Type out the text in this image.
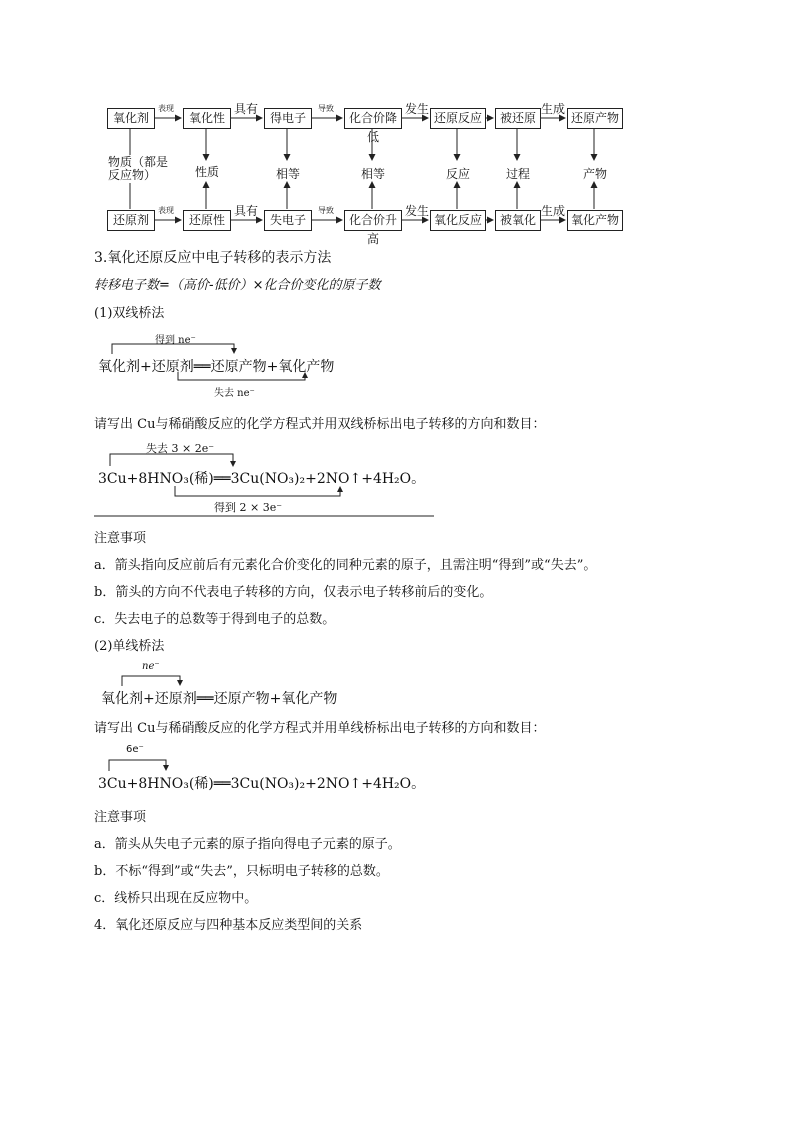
氧化剂	氧化性	得电子	化合价降低
还原反应	被还原	还原产物
还原剂	还原性	失电子	化合价升高
氧化反应	被氧化	氧化产物
表现	具有	导致	发生	生成
表现	具有	导致	发生	生成
物质（都是
反应物）	性质	相等	相等	反应	过程	产物
3.氧化还原反应中电子转移的表示方法
转移电子数=（高价-低价）×化合价变化的原子数
(1)双线桥法
得到 ne⁻
氧化剂+还原剂══还原产物+氧化产物
失去 ne⁻
请写出 Cu与稀硝酸反应的化学方程式并用双线桥标出电子转移的方向和数目：
失去 3 × 2e⁻
3Cu+8HNO₃(稀)══3Cu(NO₃)₂+2NO↑+4H₂O。
得到 2 × 3e⁻
注意事项
a．箭头指向反应前后有元素化合价变化的同种元素的原子，且需注明“得到”或“失去”。
b．箭头的方向不代表电子转移的方向，仅表示电子转移前后的变化。
c．失去电子的总数等于得到电子的总数。
(2)单线桥法
ne⁻
氧化剂+还原剂══还原产物+氧化产物
请写出 Cu与稀硝酸反应的化学方程式并用单线桥标出电子转移的方向和数目：
6e⁻
3Cu+8HNO₃(稀)══3Cu(NO₃)₂+2NO↑+4H₂O。
注意事项
a．箭头从失电子元素的原子指向得电子元素的原子。
b．不标“得到”或“失去”，只标明电子转移的总数。
c．线桥只出现在反应物中。
4．氧化还原反应与四种基本反应类型间的关系
